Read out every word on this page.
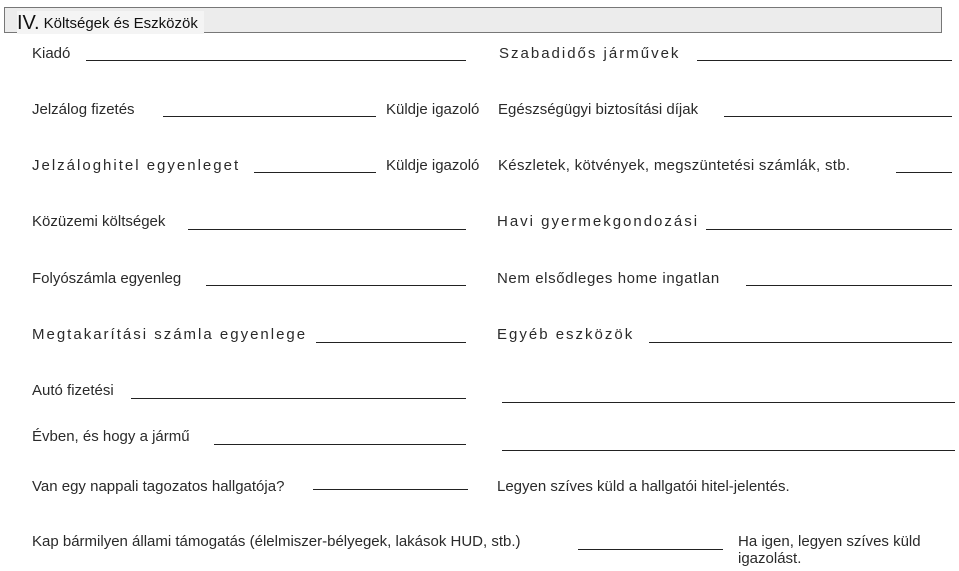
IV. Költségek és Eszközök
Kiadó	Szabadidős járművek
Jelzálog fizetés	Küldje igazoló Egészségügyi biztosítási díjak
Jelzáloghitel egyenleget	Küldje igazoló Készletek, kötvények, megszüntetési számlák, stb.
Közüzemi költségek	Havi gyermekgondozási
Folyószámla egyenleg	Nem elsődleges home ingatlan
Megtakarítási számla egyenlege	Egyéb eszközök
Autó fizetési
Évben, és hogy a jármű
Van egy nappali tagozatos hallgatója?	Legyen szíves küld a hallgatói hitel-jelentés.
Kap bármilyen állami támogatás (élelmiszer-bélyegek, lakások HUD, stb.)	Ha igen, legyen szíves küld igazolást.
